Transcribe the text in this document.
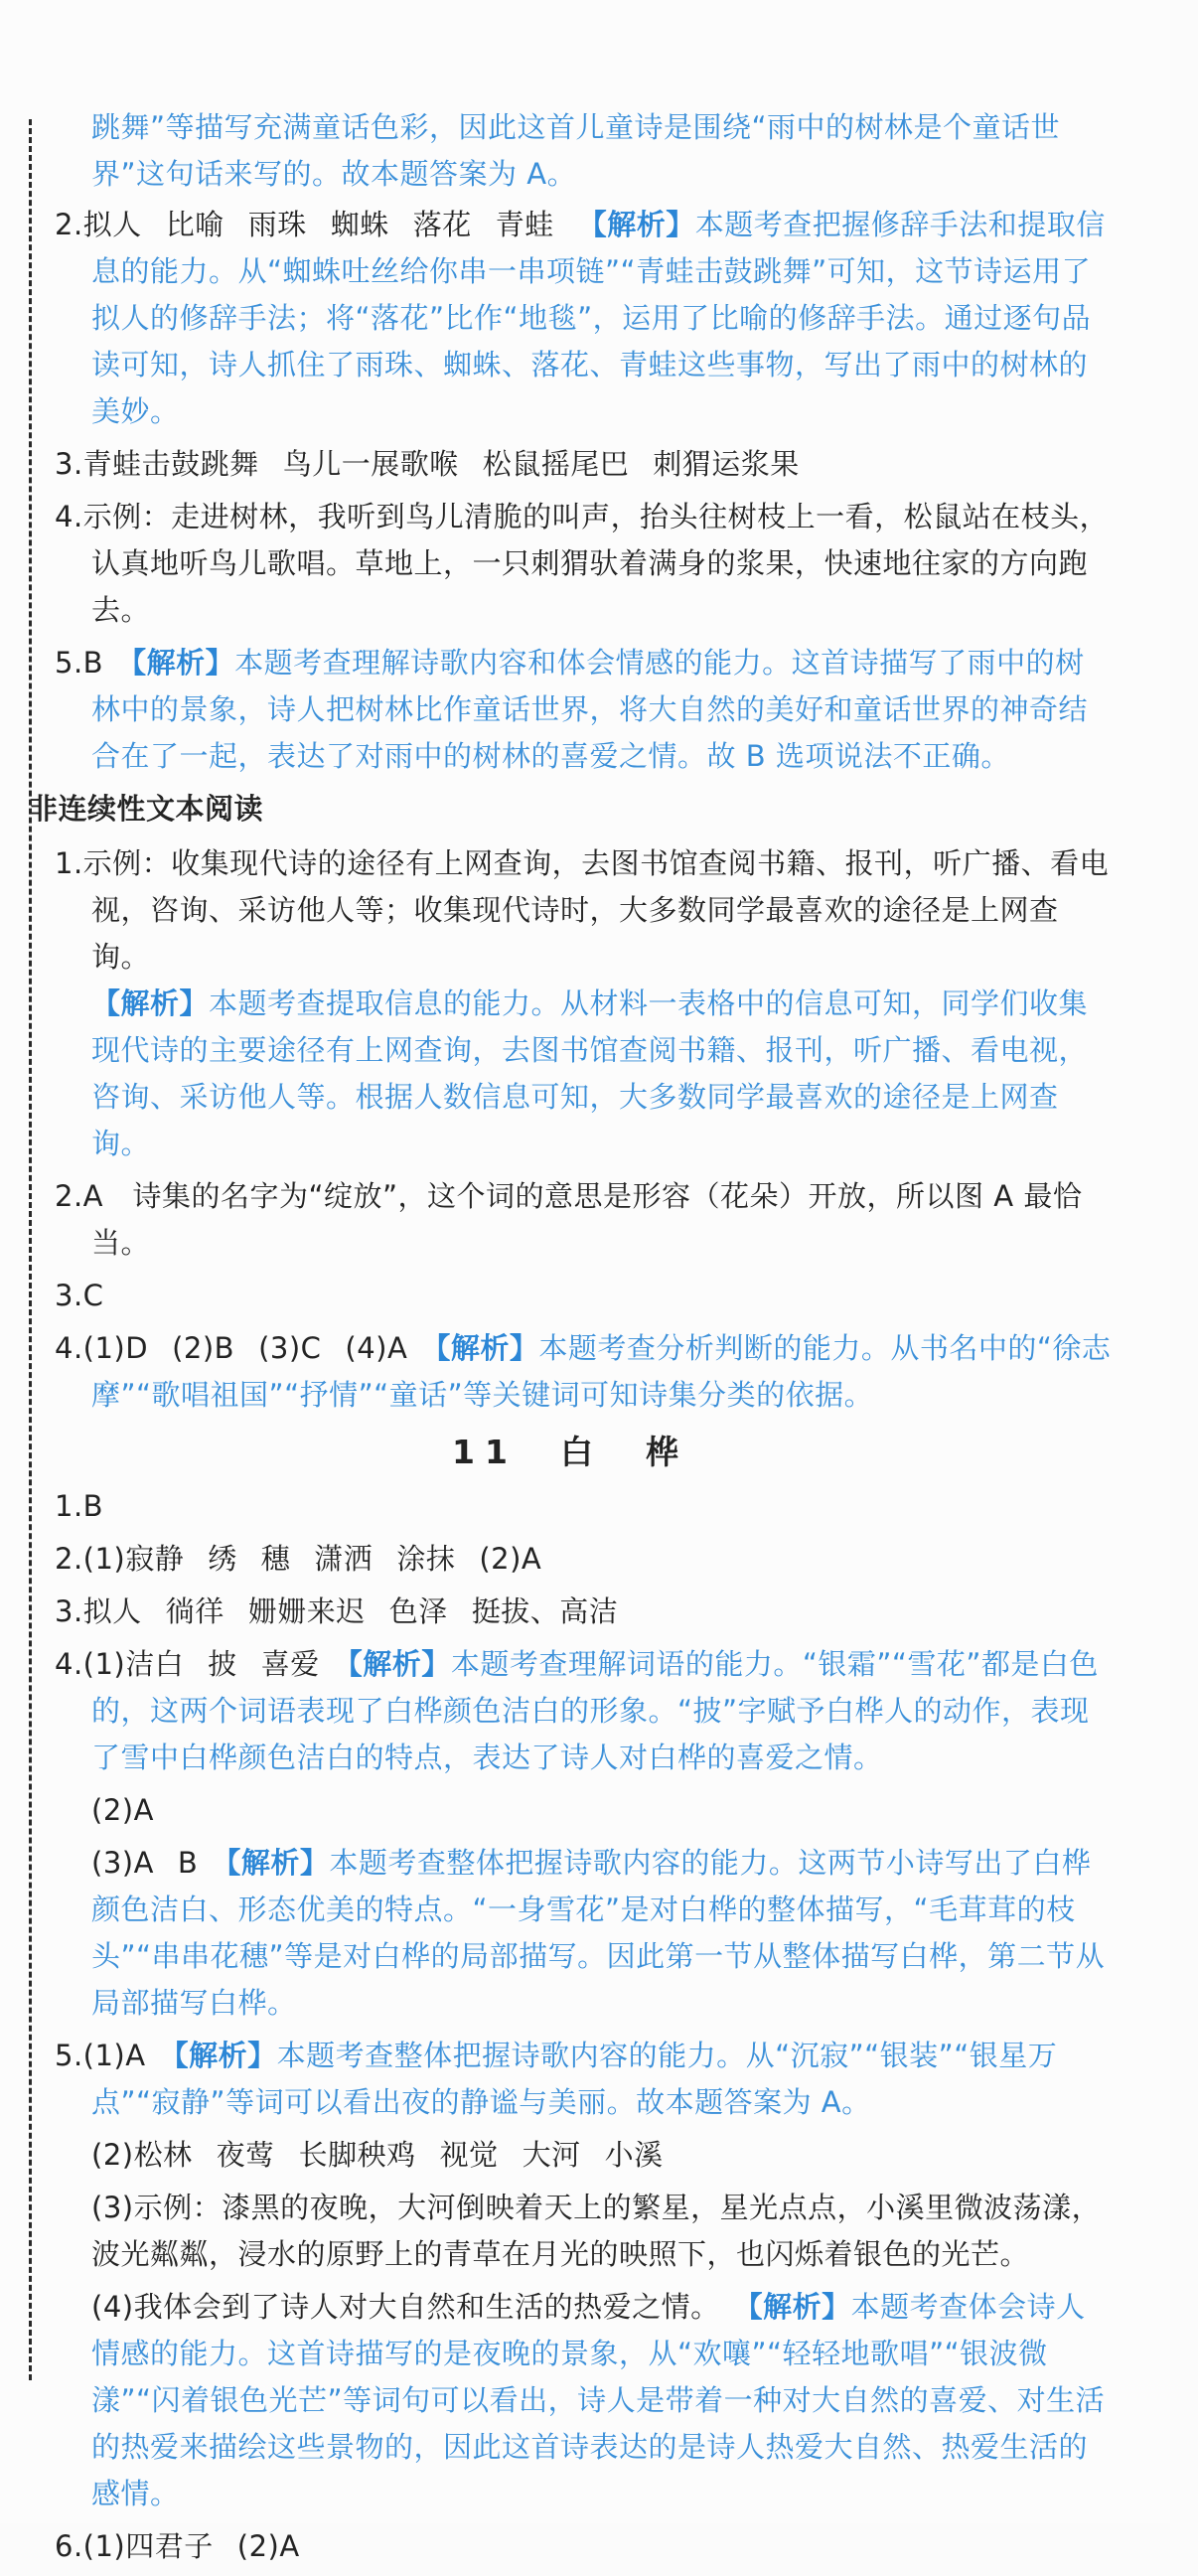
跳舞”等描写充满童话色彩，因此这首儿童诗是围绕“雨中的树林是个童话世界”这句话来写的。故本题答案为 A。

2.拟人 比喻 雨珠 蜘蛛 落花 青蛙 【解析】本题考查把握修辞手法和提取信息的能力。从“蜘蛛吐丝给你串一串项链”“青蛙击鼓跳舞”可知，这节诗运用了拟人的修辞手法；将“落花”比作“地毯”，运用了比喻的修辞手法。通过逐句品读可知，诗人抓住了雨珠、蜘蛛、落花、青蛙这些事物，写出了雨中的树林的美妙。

3.青蛙击鼓跳舞 鸟儿一展歌喉 松鼠摇尾巴 刺猬运浆果

4.示例：走进树林，我听到鸟儿清脆的叫声，抬头往树枝上一看，松鼠站在枝头，认真地听鸟儿歌唱。草地上，一只刺猬驮着满身的浆果，快速地往家的方向跑去。

5.B 【解析】本题考查理解诗歌内容和体会情感的能力。这首诗描写了雨中的树林中的景象，诗人把树林比作童话世界，将大自然的美好和童话世界的神奇结合在了一起，表达了对雨中的树林的喜爱之情。故 B 选项说法不正确。

非连续性文本阅读

1.示例：收集现代诗的途径有上网查询，去图书馆查阅书籍、报刊，听广播、看电视，咨询、采访他人等；收集现代诗时，大多数同学最喜欢的途径是上网查询。

【解析】本题考查提取信息的能力。从材料一表格中的信息可知，同学们收集现代诗的主要途径有上网查询，去图书馆查阅书籍、报刊，听广播、看电视，咨询、采访他人等。根据人数信息可知，大多数同学最喜欢的途径是上网查询。

2.A　诗集的名字为“绽放”，这个词的意思是形容（花朵）开放，所以图 A 最恰当。

3.C

4.(1)D (2)B (3)C (4)A 【解析】本题考查分析判断的能力。从书名中的“徐志摩”“歌唱祖国”“抒情”“童话”等关键词可知诗集分类的依据。

11　白　桦

1.B

2.(1)寂静 绣 穗 潇洒 涂抹 (2)A

3.拟人 徜徉 姗姗来迟 色泽 挺拔、高洁

4.(1)洁白 披 喜爱 【解析】本题考查理解词语的能力。“银霜”“雪花”都是白色的，这两个词语表现了白桦颜色洁白的形象。“披”字赋予白桦人的动作，表现了雪中白桦颜色洁白的特点，表达了诗人对白桦的喜爱之情。

(2)A

(3)A B 【解析】本题考查整体把握诗歌内容的能力。这两节小诗写出了白桦颜色洁白、形态优美的特点。“一身雪花”是对白桦的整体描写，“毛茸茸的枝头”“串串花穗”等是对白桦的局部描写。因此第一节从整体描写白桦，第二节从局部描写白桦。

5.(1)A 【解析】本题考查整体把握诗歌内容的能力。从“沉寂”“银装”“银星万点”“寂静”等词可以看出夜的静谧与美丽。故本题答案为 A。

(2)松林 夜莺 长脚秧鸡 视觉 大河 小溪

(3)示例：漆黑的夜晚，大河倒映着天上的繁星，星光点点，小溪里微波荡漾，波光粼粼，浸水的原野上的青草在月光的映照下，也闪烁着银色的光芒。

(4)我体会到了诗人对大自然和生活的热爱之情。 【解析】本题考查体会诗人情感的能力。这首诗描写的是夜晚的景象，从“欢嚷”“轻轻地歌唱”“银波微漾”“闪着银色光芒”等词句可以看出，诗人是带着一种对大自然的喜爱、对生活的热爱来描绘这些景物的，因此这首诗表达的是诗人热爱大自然、热爱生活的感情。

6.(1)四君子 (2)A
